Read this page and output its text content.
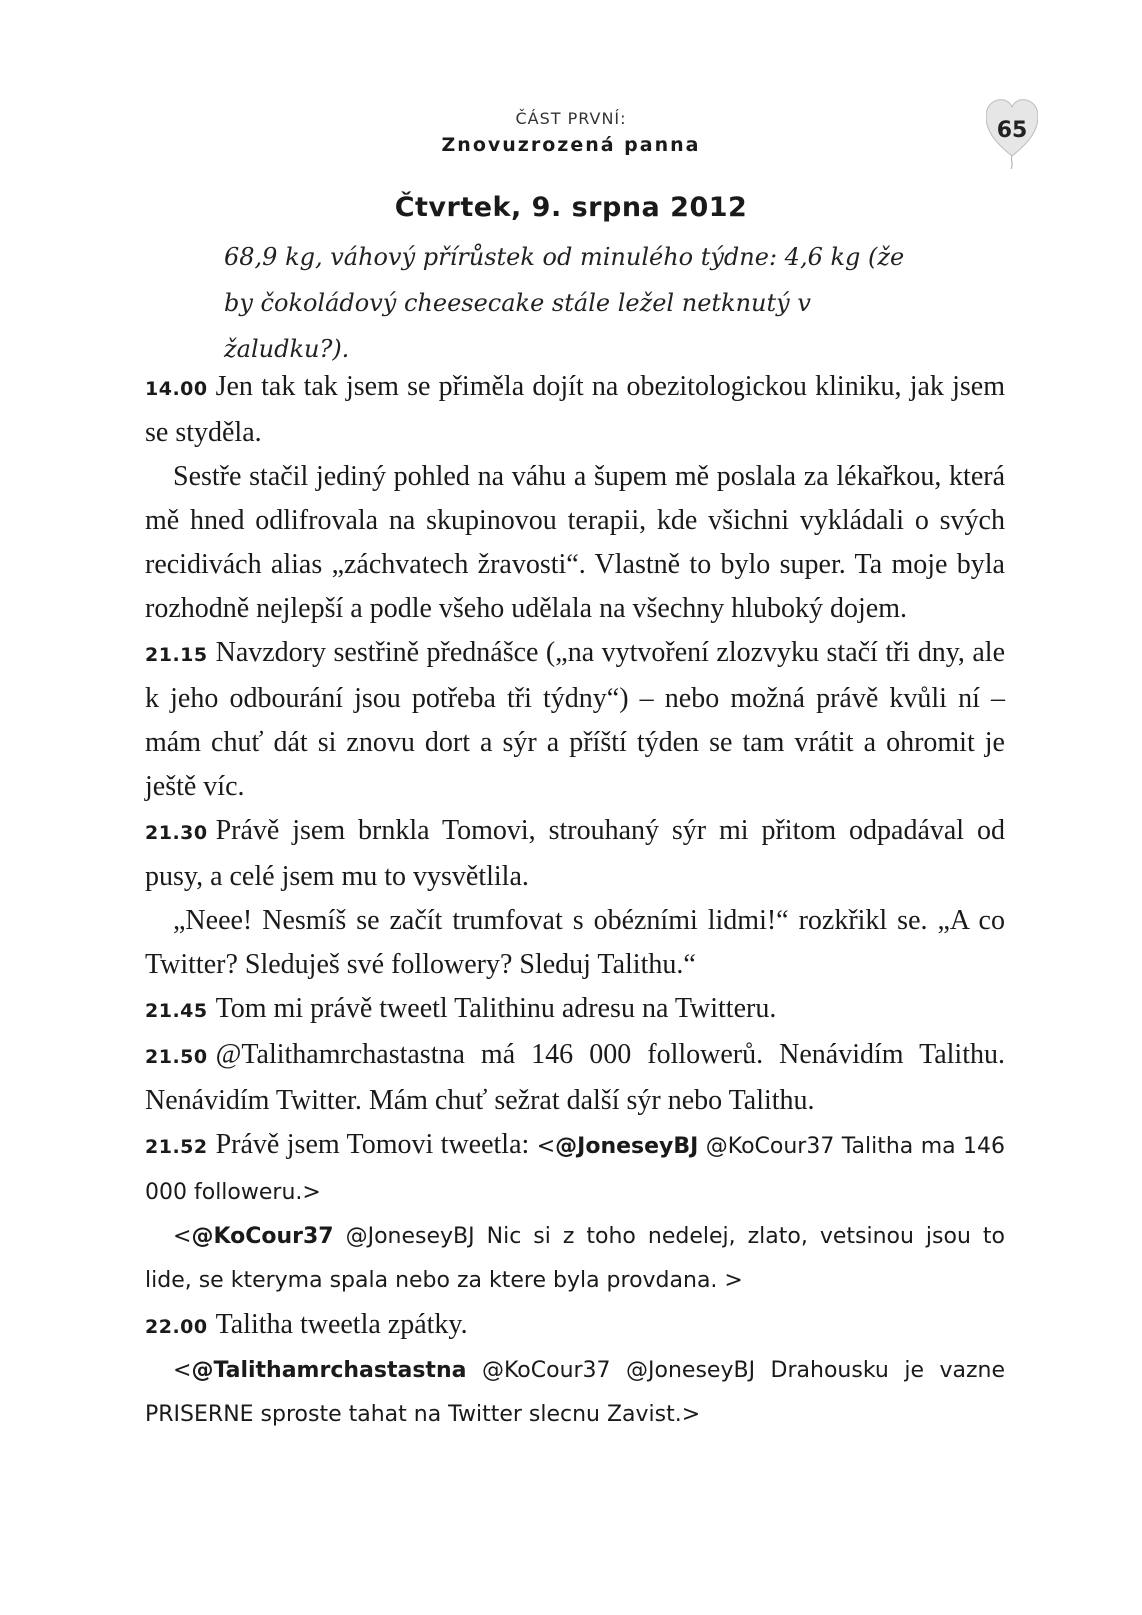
ČÁST PRVNÍ:
Znovuzrozená panna
65
Čtvrtek, 9. srpna 2012

68,9 kg, váhový přírůstek od minulého týdne: 4,6 kg (že by čokoládový cheesecake stále ležel netknutý v žaludku?).

14.00 Jen tak tak jsem se přiměla dojít na obezitologickou kliniku, jak jsem se styděla.

Sestře stačil jediný pohled na váhu a šupem mě poslala za lékařkou, která mě hned odlifrovala na skupinovou terapii, kde všichni vykládali o svých recidivách alias „záchvatech žravosti“. Vlastně to bylo super. Ta moje byla rozhodně nejlepší a podle všeho udělala na všechny hluboký dojem.

21.15 Navzdory sestřině přednášce („na vytvoření zlozvyku stačí tři dny, ale k jeho odbourání jsou potřeba tři týdny“) – nebo možná právě kvůli ní – mám chuť dát si znovu dort a sýr a příští týden se tam vrátit a ohromit je ještě víc.

21.30 Právě jsem brnkla Tomovi, strouhaný sýr mi přitom odpadával od pusy, a celé jsem mu to vysvětlila.

„Neee! Nesmíš se začít trumfovat s obézními lidmi!“ rozkřikl se. „A co Twitter? Sleduješ své followery? Sleduj Talithu.“

21.45 Tom mi právě tweetl Talithinu adresu na Twitteru.

21.50 @Talithamrchastastna má 146 000 followerů. Nenávidím Talithu. Nenávidím Twitter. Mám chuť sežrat další sýr nebo Talithu.

21.52 Právě jsem Tomovi tweetla: <@JoneseyBJ @KoCour37 Talitha ma 146 000 followeru.>

<@KoCour37 @JoneseyBJ Nic si z toho nedelej, zlato, vetsinou jsou to lide, se kteryma spala nebo za ktere byla provdana. >

22.00 Talitha tweetla zpátky.

<@Talithamrchastastna @KoCour37 @JoneseyBJ Drahousku je vazne PRISERNE sproste tahat na Twitter slecnu Zavist.>
